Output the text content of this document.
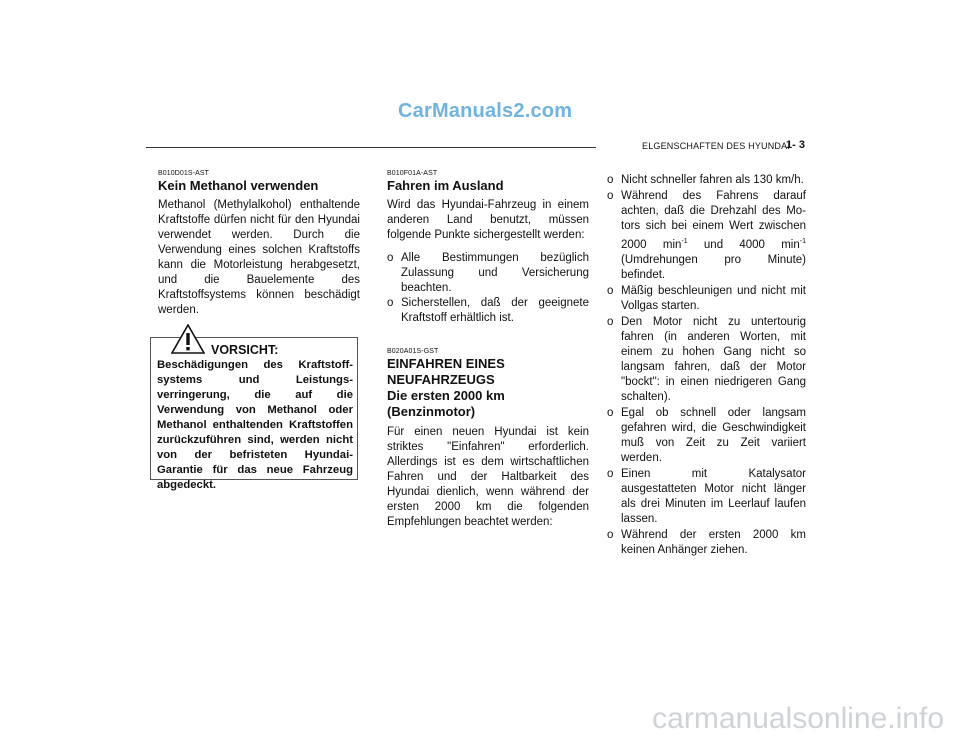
CarManuals2.com
ELGENSCHAFTEN DES HYUNDAI
1- 3
B010D01S-AST
Kein Methanol verwenden
Methanol (Methylalkohol) enthaltende Kraftstoffe dürfen nicht für den Hyundai verwendet werden. Durch die Verwendung eines solchen Kraftstoffs kann die Motorleistung herabgesetzt, und die Bauelemente des Kraftstoffsystems können beschädigt werden.
VORSICHT:
Beschädigungen des Kraftstoff-systems und Leistungs-verringerung, die auf die Verwendung von Methanol oder Methanol enthaltenden Kraftstoffen zurückzuführen sind, werden nicht von der befristeten Hyundai-Garantie für das neue Fahrzeug abgedeckt.
B010F01A-AST
Fahren im Ausland
Wird das Hyundai-Fahrzeug in einem anderen Land benutzt, müssen folgende Punkte sichergestellt werden:
o Alle Bestimmungen bezüglich Zulassung und Versicherung beachten.
o Sicherstellen, daß der geeignete Kraftstoff erhältlich ist.
B020A01S-GST
EINFAHREN EINES
NEUFAHRZEUGS
Die ersten 2000 km
(Benzinmotor)
Für einen neuen Hyundai ist kein striktes "Einfahren" erforderlich. Allerdings ist es dem wirtschaftlichen Fahren und der Haltbarkeit des Hyundai dienlich, wenn während der ersten 2000 km die folgenden Empfehlungen beachtet werden:
o Nicht schneller fahren als 130 km/h.
o Während des Fahrens darauf achten, daß die Drehzahl des Mo-tors sich bei einem Wert zwischen 2000 $\min^{-1}$ und 4000 $\min^{-1}$ (Umdrehungen pro Minute) befindet.
o Mäßig beschleunigen und nicht mit Vollgas starten.
o Den Motor nicht zu untertourig fahren (in anderen Worten, mit einem zu hohen Gang nicht so langsam fahren, daß der Motor "bockt": in einen niedrigeren Gang schalten).
o Egal ob schnell oder langsam gefahren wird, die Geschwindigkeit muß von Zeit zu Zeit variiert werden.
o Einen mit Katalysator ausgestatteten Motor nicht länger als drei Minuten im Leerlauf laufen lassen.
o Während der ersten 2000 km keinen Anhänger ziehen.
carmanualsonline.info
